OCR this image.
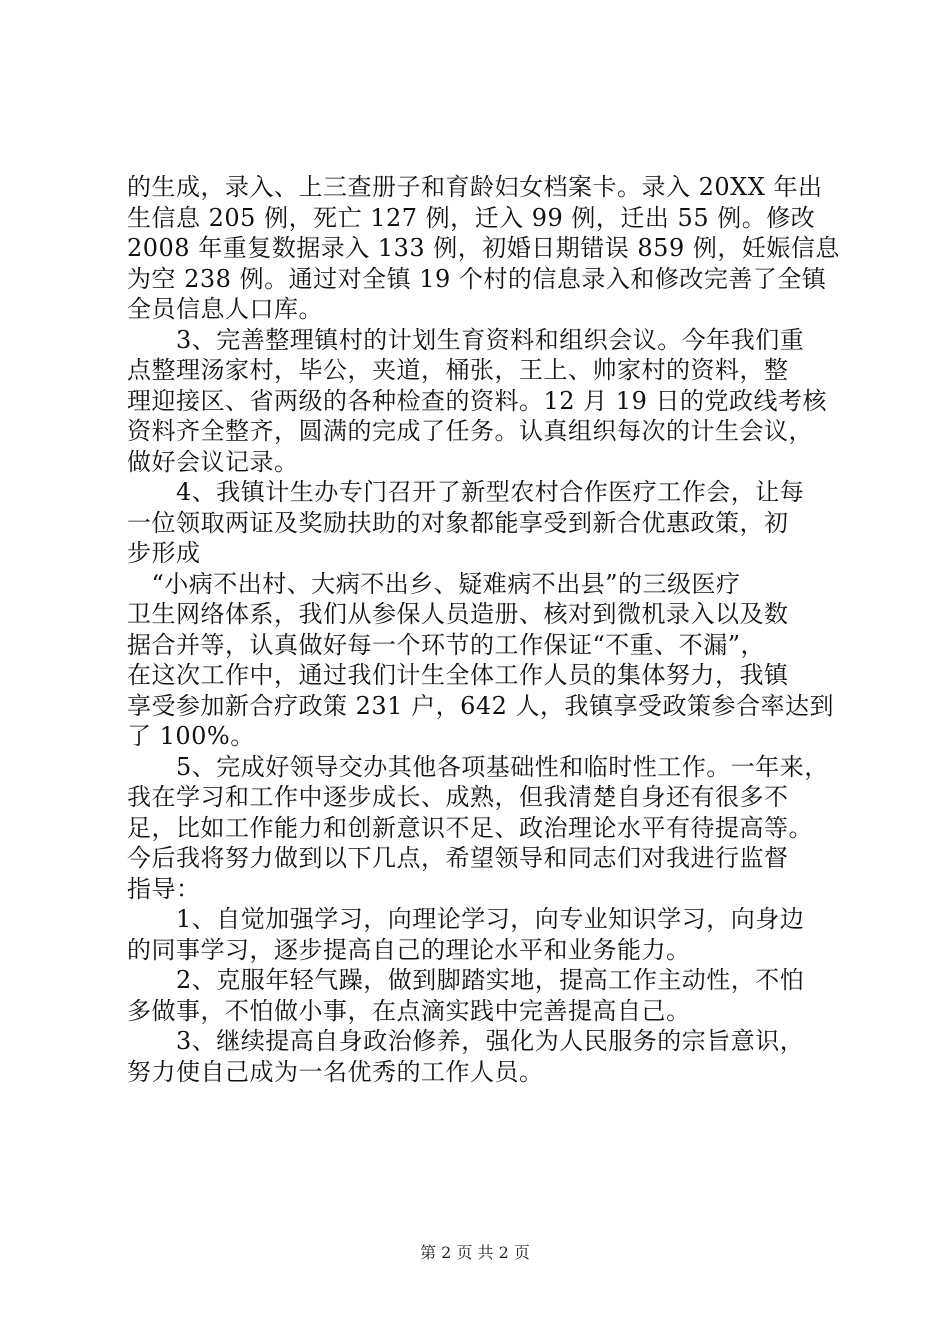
的生成，录入、上三查册子和育龄妇女档案卡。录入 20XX 年出
生信息 205 例，死亡 127 例，迁入 99 例，迁出 55 例。修改
2008 年重复数据录入 133 例，初婚日期错误 859 例，妊娠信息
为空 238 例。通过对全镇 19 个村的信息录入和修改完善了全镇
全员信息人口库。
　　3、完善整理镇村的计划生育资料和组织会议。今年我们重
点整理汤家村，毕公，夹道，桶张，王上、帅家村的资料，整
理迎接区、省两级的各种检查的资料。12 月 19 日的党政线考核
资料齐全整齐，圆满的完成了任务。认真组织每次的计生会议，
做好会议记录。
　　4、我镇计生办专门召开了新型农村合作医疗工作会，让每
一位领取两证及奖励扶助的对象都能享受到新合优惠政策，初
步形成
　“小病不出村、大病不出乡、疑难病不出县”的三级医疗
卫生网络体系，我们从参保人员造册、核对到微机录入以及数
据合并等，认真做好每一个环节的工作保证“不重、不漏”，
在这次工作中，通过我们计生全体工作人员的集体努力，我镇
享受参加新合疗政策 231 户，642 人，我镇享受政策参合率达到
了 100%。
　　5、完成好领导交办其他各项基础性和临时性工作。一年来，
我在学习和工作中逐步成长、成熟，但我清楚自身还有很多不
足，比如工作能力和创新意识不足、政治理论水平有待提高等。
今后我将努力做到以下几点，希望领导和同志们对我进行监督
指导：
　　1、自觉加强学习，向理论学习，向专业知识学习，向身边
的同事学习，逐步提高自己的理论水平和业务能力。
　　2、克服年轻气躁，做到脚踏实地，提高工作主动性，不怕
多做事，不怕做小事，在点滴实践中完善提高自己。
　　3、继续提高自身政治修养，强化为人民服务的宗旨意识，
努力使自己成为一名优秀的工作人员。
第 2 页 共 2 页
